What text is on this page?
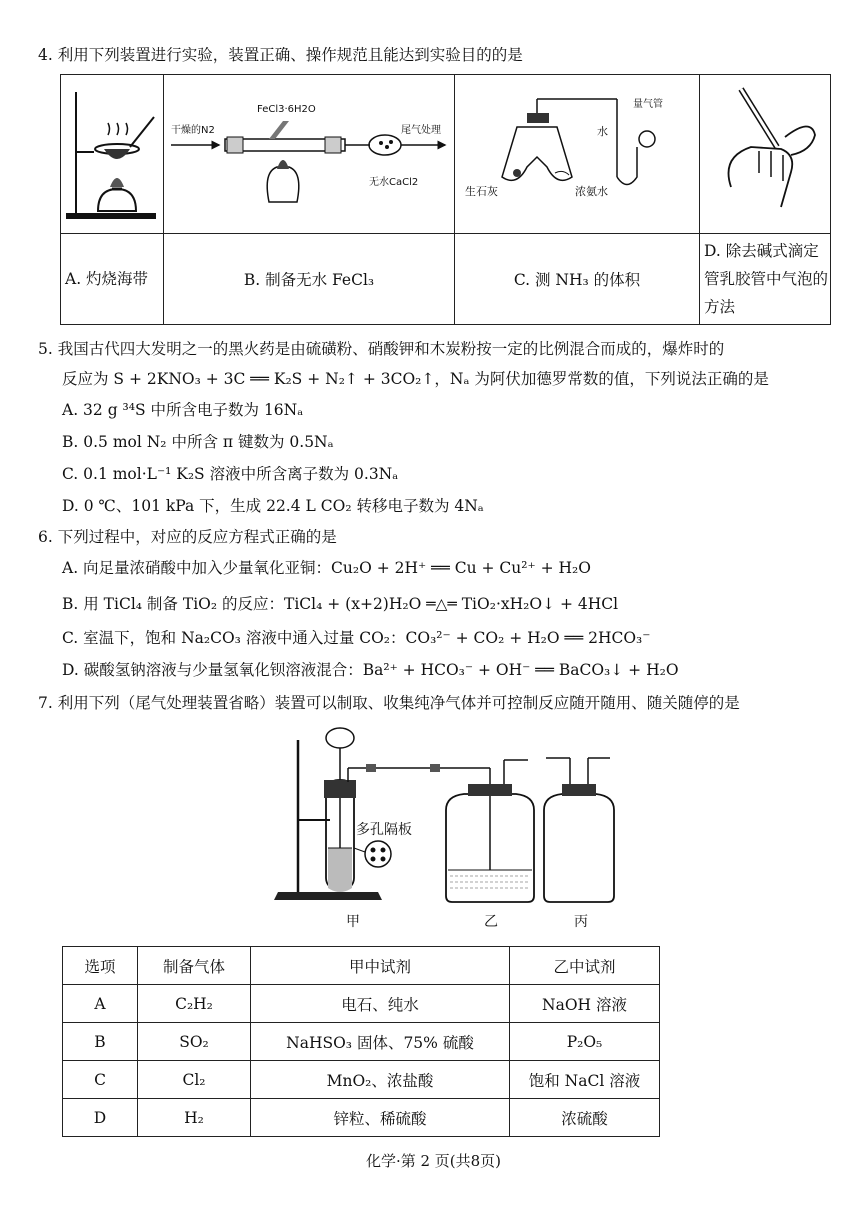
4. 利用下列装置进行实验，装置正确、操作规范且能达到实验目的的是

FeCl3·6H2O
干燥的N2 尾气处理
无水CaCl2	生石灰 浓氨水
水
量气管

A. 灼烧海带	B. 制备无水 FeCl₃	C. 测 NH₃ 的体积	D. 除去碱式滴定管乳胶管中气泡的方法
5. 我国古代四大发明之一的黑火药是由硫磺粉、硝酸钾和木炭粉按一定的比例混合而成的，爆炸时的
反应为 S + 2KNO₃ + 3C ══ K₂S + N₂↑ + 3CO₂↑，Nₐ 为阿伏加德罗常数的值，下列说法正确的是
A. 32 g ³⁴S 中所含电子数为 16Nₐ
B. 0.5 mol N₂ 中所含 π 键数为 0.5Nₐ
C. 0.1 mol·L⁻¹ K₂S 溶液中所含离子数为 0.3Nₐ
D. 0 ℃、101 kPa 下，生成 22.4 L CO₂ 转移电子数为 4Nₐ
6. 下列过程中，对应的反应方程式正确的是
A. 向足量浓硝酸中加入少量氧化亚铜：Cu₂O + 2H⁺ ══ Cu + Cu²⁺ + H₂O
B. 用 TiCl₄ 制备 TiO₂ 的反应：TiCl₄ + (x+2)H₂O ═△═ TiO₂·xH₂O↓ + 4HCl
C. 室温下，饱和 Na₂CO₃ 溶液中通入过量 CO₂：CO₃²⁻ + CO₂ + H₂O ══ 2HCO₃⁻
D. 碳酸氢钠溶液与少量氢氧化钡溶液混合：Ba²⁺ + HCO₃⁻ + OH⁻ ══ BaCO₃↓ + H₂O
7. 利用下列（尾气处理装置省略）装置可以制取、收集纯净气体并可控制反应随开随用、随关随停的是
多孔隔板
甲	乙	丙
选项	制备气体	甲中试剂	乙中试剂
A	C₂H₂	电石、纯水	NaOH 溶液
B	SO₂	NaHSO₃ 固体、75% 硫酸	P₂O₅
C	Cl₂	MnO₂、浓盐酸	饱和 NaCl 溶液
D	H₂	锌粒、稀硫酸	浓硫酸
化学·第 2 页(共8页)
